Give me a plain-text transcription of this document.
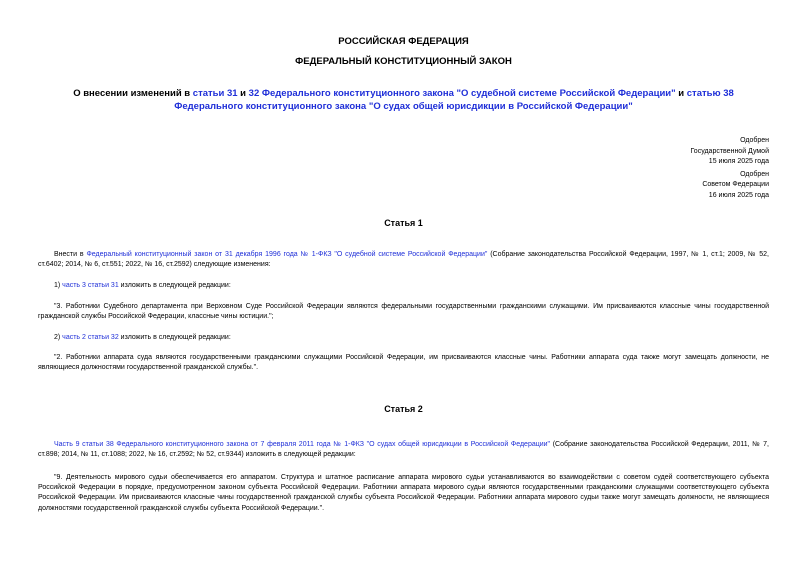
РОССИЙСКАЯ ФЕДЕРАЦИЯ
ФЕДЕРАЛЬНЫЙ КОНСТИТУЦИОННЫЙ ЗАКОН
О внесении изменений в статьи 31 и 32 Федерального конституционного закона "О судебной системе Российской Федерации" и статью 38 Федерального конституционного закона "О судах общей юрисдикции в Российской Федерации"
Одобрен
Государственной Думой
15 июля 2025 года
Одобрен
Советом Федерации
16 июля 2025 года
Статья 1
Внести в Федеральный конституционный закон от 31 декабря 1996 года № 1-ФКЗ "О судебной системе Российской Федерации" (Собрание законодательства Российской Федерации, 1997, № 1, ст.1; 2009, № 52, ст.6402; 2014, № 6, ст.551; 2022, № 16, ст.2592) следующие изменения:
1) часть 3 статьи 31 изложить в следующей редакции:
"3. Работники Судебного департамента при Верховном Суде Российской Федерации являются федеральными государственными гражданскими служащими. Им присваиваются классные чины государственной гражданской службы Российской Федерации, классные чины юстиции.";
2) часть 2 статьи 32 изложить в следующей редакции:
"2. Работники аппарата суда являются государственными гражданскими служащими Российской Федерации, им присваиваются классные чины. Работники аппарата суда также могут замещать должности, не являющиеся должностями государственной гражданской службы.".
Статья 2
Часть 9 статьи 38 Федерального конституционного закона от 7 февраля 2011 года № 1-ФКЗ "О судах общей юрисдикции в Российской Федерации" (Собрание законодательства Российской Федерации, 2011, № 7, ст.898; 2014, № 11, ст.1088; 2022, № 16, ст.2592; № 52, ст.9344) изложить в следующей редакции:
"9. Деятельность мирового судьи обеспечивается его аппаратом. Структура и штатное расписание аппарата мирового судьи устанавливаются во взаимодействии с советом судей соответствующего субъекта Российской Федерации в порядке, предусмотренном законом субъекта Российской Федерации. Работники аппарата мирового судьи являются государственными гражданскими служащими соответствующего субъекта Российской Федерации. Им присваиваются классные чины государственной гражданской службы субъекта Российской Федерации. Работники аппарата мирового судьи также могут замещать должности, не являющиеся должностями государственной гражданской службы субъекта Российской Федерации.".
